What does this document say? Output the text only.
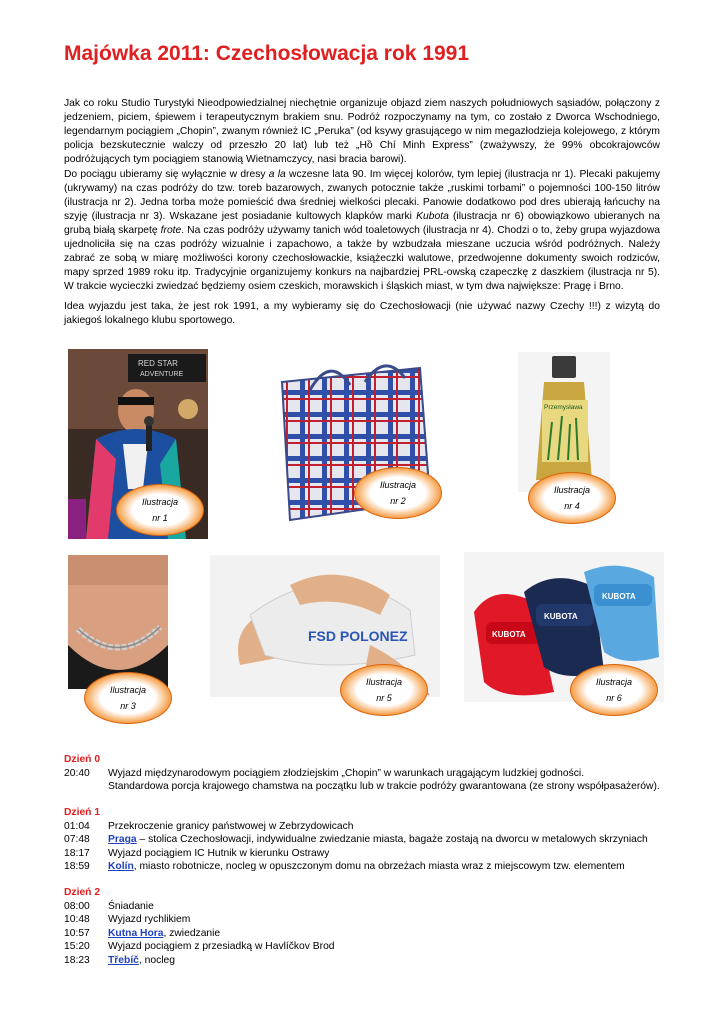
Majówka 2011: Czechosłowacja rok 1991

Jak co roku Studio Turystyki Nieodpowiedzialnej niechętnie organizuje objazd ziem naszych południowych sąsiadów, połączony z jedzeniem, piciem, śpiewem i terapeutycznym brakiem snu. Podróż rozpoczynamy na tym, co zostało z Dworca Wschodniego, legendarnym pociągiem „Chopin”, zwanym również IC „Peruka” (od ksywy grasującego w nim megazłodzieja kolejowego, z którym policja bezskutecznie walczy od przeszło 20 lat) lub też „Hồ Chí Minh Express” (zważywszy, że 99% obcokrajowców podróżujących tym pociągiem stanowią Wietnamczycy, nasi bracia barowi).

Do pociągu ubieramy się wyłącznie w dresy a la wczesne lata 90. Im więcej kolorów, tym lepiej (ilustracja nr 1). Plecaki pakujemy (ukrywamy) na czas podróży do tzw. toreb bazarowych, zwanych potocznie także „ruskimi torbami” o pojemności 100-150 litrów (ilustracja nr 2). Jedna torba może pomieścić dwa średniej wielkości plecaki. Panowie dodatkowo pod dres ubierają łańcuchy na szyję (ilustracja nr 3). Wskazane jest posiadanie kultowych klapków marki Kubota (ilustracja nr 6) obowiązkowo ubieranych na grubą białą skarpetę frote. Na czas podróży używamy tanich wód toaletowych (ilustracja nr 4). Chodzi o to, żeby grupa wyjazdowa ujednoliciła się na czas podróży wizualnie i zapachowo, a także by wzbudzała mieszane uczucia wśród podróżnych. Należy zabrać ze sobą w miarę możliwości korony czechosłowackie, książeczki walutowe, przedwojenne dokumenty swoich rodziców, mapy sprzed 1989 roku itp. Tradycyjnie organizujemy konkurs na najbardziej PRL-owską czapeczkę z daszkiem (ilustracja nr 5). W trakcie wycieczki zwiedzać będziemy osiem czeskich, morawskich i śląskich miast, w tym dwa największe: Pragę i Brno.

Idea wyjazdu jest taka, że jest rok 1991, a my wybieramy się do Czechosłowacji (nie używać nazwy Czechy !!!) z wizytą do jakiegoś lokalnego klubu sportowego.

RED STAR
ADVENTURE
Ilustracja
nr 1
Ilustracja
nr 2
Przemysława
Ilustracja
nr 4
Ilustracja
nr 3
FSD POLONEZ
Ilustracja
nr 5
KUBOTA
KUBOTA
KUBOTA
Ilustracja
nr 6
Dzień 0
20:40	Wyjazd międzynarodowym pociągiem złodziejskim „Chopin” w warunkach urągającym ludzkiej godności.
Standardowa porcja krajowego chamstwa na początku lub w trakcie podróży gwarantowana (ze strony współpasażerów).
Dzień 1
01:04	Przekroczenie granicy państwowej w Zebrzydowicach
07:48	Praga – stolica Czechosłowacji, indywidualne zwiedzanie miasta, bagaże zostają na dworcu w metalowych skrzyniach
18:17	Wyjazd pociągiem IC Hutnik w kierunku Ostrawy
18:59	Kolín, miasto robotnicze, nocleg w opuszczonym domu na obrzeżach miasta wraz z miejscowym tzw. elementem
Dzień 2
08:00	Śniadanie
10:48	Wyjazd rychlikiem
10:57	Kutna Hora, zwiedzanie
15:20	Wyjazd pociągiem z przesiadką w Havlíčkov Brod
18:23	Třebíč, nocleg
